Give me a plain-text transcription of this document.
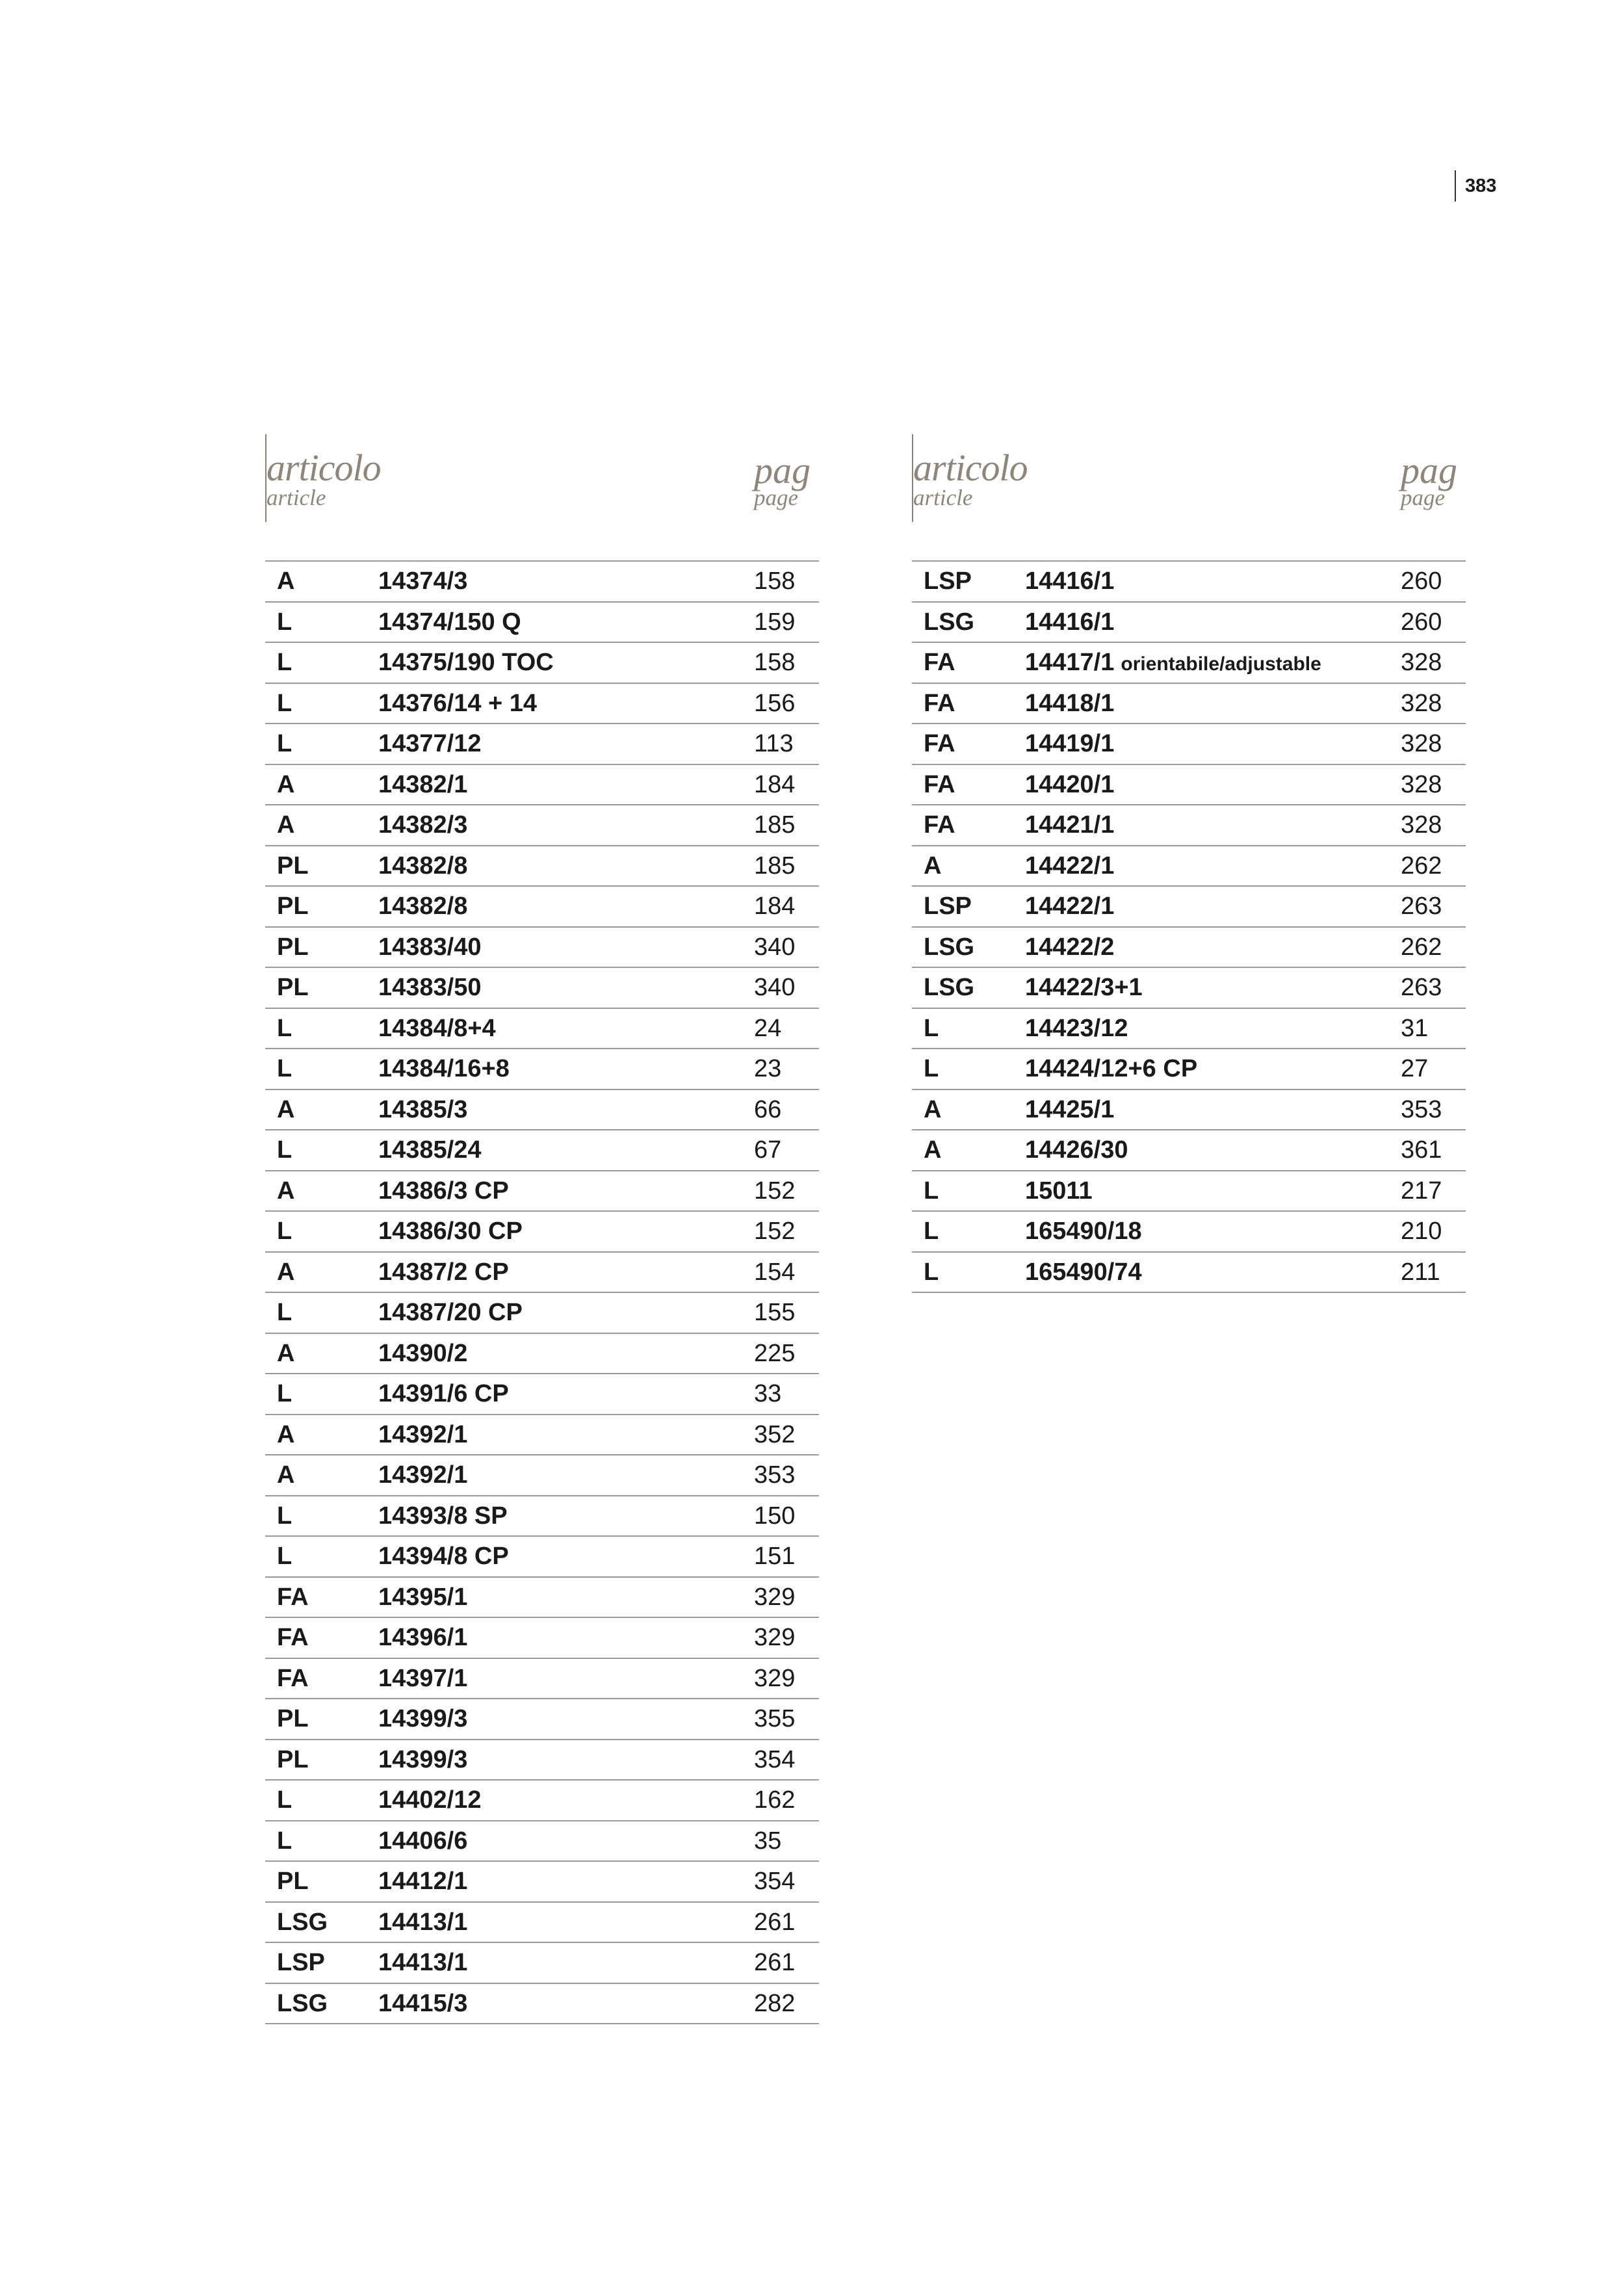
383
articolo
article
pag
page
A	14374/3	158
L	14374/150 Q	159
L	14375/190 TOC	158
L	14376/14 + 14	156
L	14377/12	113
A	14382/1	184
A	14382/3	185
PL	14382/8	185
PL	14382/8	184
PL	14383/40	340
PL	14383/50	340
L	14384/8+4	24
L	14384/16+8	23
A	14385/3	66
L	14385/24	67
A	14386/3 CP	152
L	14386/30 CP	152
A	14387/2 CP	154
L	14387/20 CP	155
A	14390/2	225
L	14391/6 CP	33
A	14392/1	352
A	14392/1	353
L	14393/8 SP	150
L	14394/8 CP	151
FA	14395/1	329
FA	14396/1	329
FA	14397/1	329
PL	14399/3	355
PL	14399/3	354
L	14402/12	162
L	14406/6	35
PL	14412/1	354
LSG 14413/1	261
LSP 14413/1	261
LSG 14415/3	282
articolo
article
pag
page
LSP 14416/1	260
LSG 14416/1	260
FA	14417/1 orientabile/adjustable	328
FA	14418/1	328
FA	14419/1	328
FA	14420/1	328
FA	14421/1	328
A	14422/1	262
LSP 14422/1	263
LSG 14422/2	262
LSG 14422/3+1	263
L	14423/12	31
L	14424/12+6 CP	27
A	14425/1	353
A	14426/30	361
L	15011	217
L	165490/18	210
L	165490/74	211
